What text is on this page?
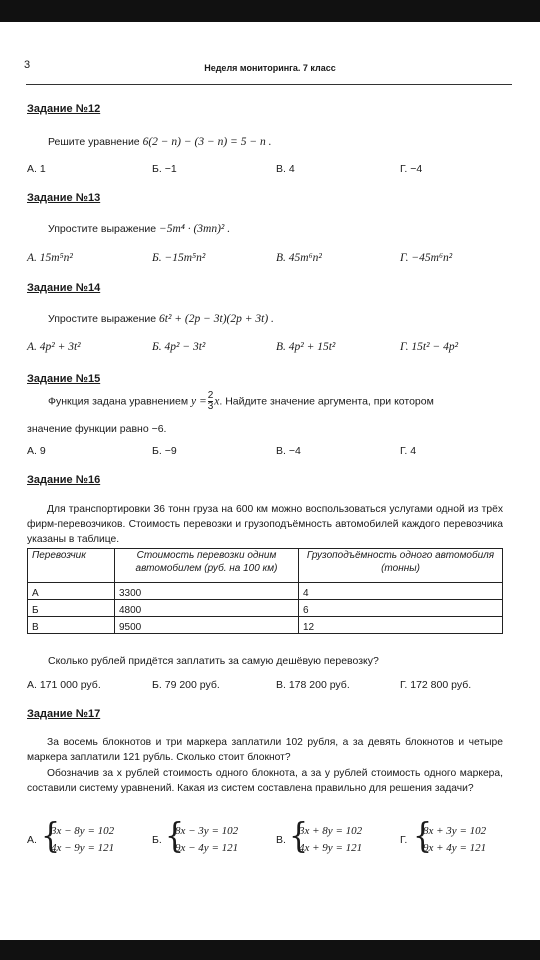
3	Неделя мониторинга. 7 класс
Задание №12
Решите уравнение 6(2 − n) − (3 − n) = 5 − n .
А. 1	Б. −1	В. 4	Г. −4
Задание №13
Упростите выражение −5m⁴ · (3mn)² .
А. 15m⁵n²	Б. −15m⁵n²	В. 45m⁶n²	Г. −45m⁶n²
Задание №14
Упростите выражение 6t² + (2p − 3t)(2p + 3t) .
А. 4p² + 3t²	Б. 4p² − 3t²	В. 4p² + 15t²	Г. 15t² − 4p²
Задание №15
Функция задана уравнением $y = \frac{2}{3} x$. Найдите значение аргумента, при котором
значение функции равно −6.
А. 9	Б. −9	В. −4	Г. 4
Задание №16
Для транспортировки 36 тонн груза на 600 км можно воспользоваться услугами одной из трёх фирм-перевозчиков. Стоимость перевозки и грузоподъёмность автомобилей каждого перевозчика указаны в таблице.
Перевозчик	Стоимость перевозки одним автомобилем (руб. на 100 км)	Грузоподъёмность одного автомобиля (тонны)
А	3300	4
Б	4800	6
В	9500	12
Сколько рублей придётся заплатить за самую дешёвую перевозку?
А. 171 000 руб.	Б. 79 200 руб.	В. 178 200 руб.	Г. 172 800 руб.
Задание №17
За восемь блокнотов и три маркера заплатили 102 рубля, а за девять блокнотов и четыре маркера заплатили 121 рубль. Сколько стоит блокнот?
Обозначив за x рублей стоимость одного блокнота, а за y рублей стоимость одного маркера, составили систему уравнений. Какая из систем составлена правильно для решения задачи?
А. {
3x − 8y = 102
4x − 9y = 121
Б. {
8x − 3y = 102
9x − 4y = 121
В. {
3x + 8y = 102
4x + 9y = 121
Г. {
8x + 3y = 102
9x + 4y = 121
